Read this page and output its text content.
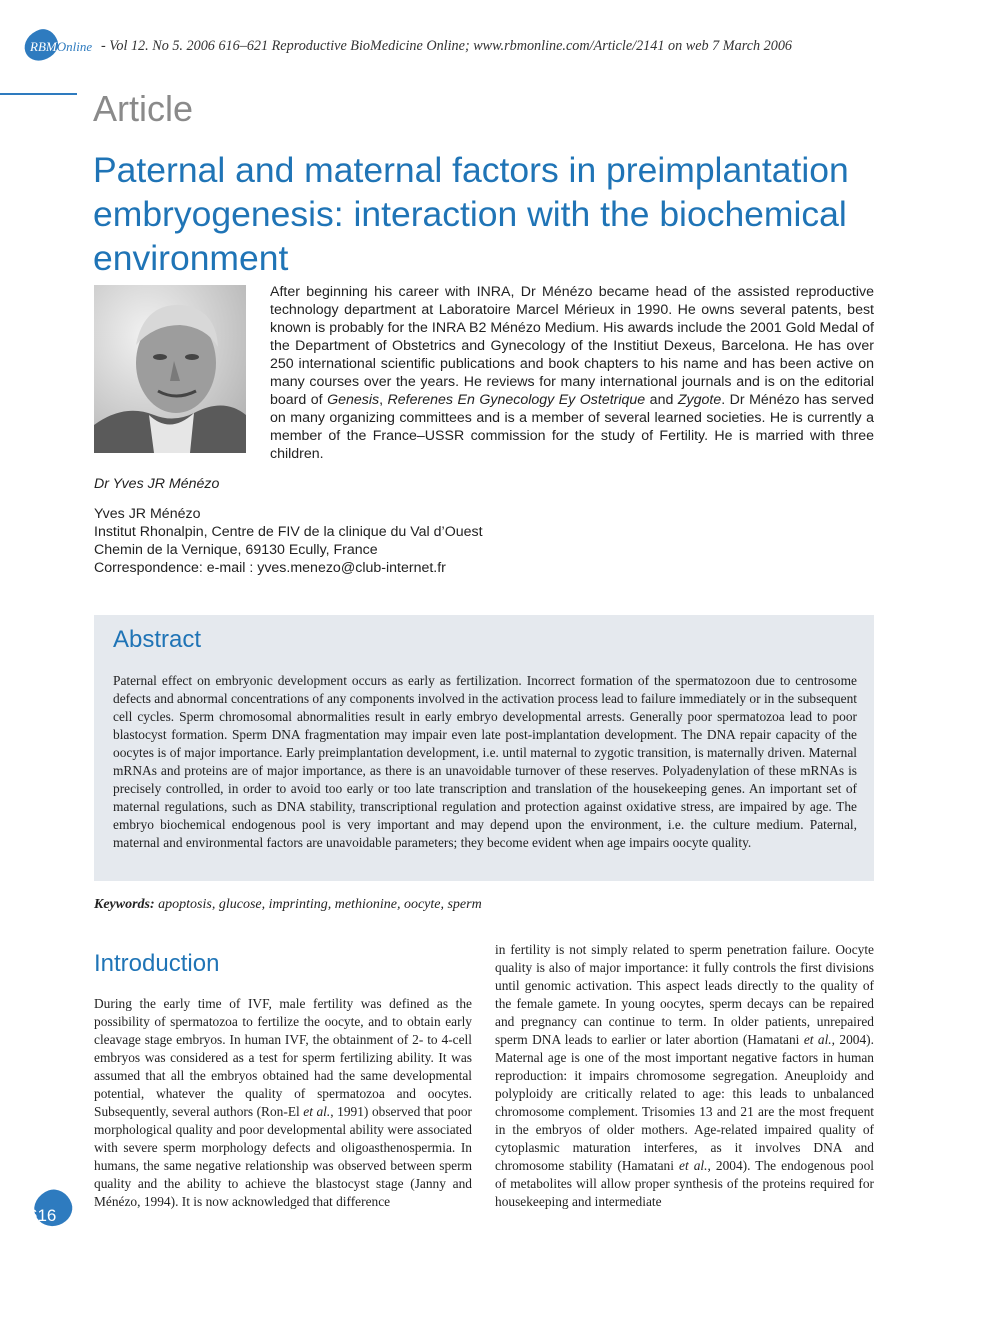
RBMOnline - Vol 12. No 5. 2006 616–621 Reproductive BioMedicine Online; www.rbmonline.com/Article/2141 on web 7 March 2006
Article
Paternal and maternal factors in preimplantation embryogenesis: interaction with the biochemical environment

After beginning his career with INRA, Dr Ménézo became head of the assisted reproductive technology department at Laboratoire Marcel Mérieux in 1990. He owns several patents, best known is probably for the INRA B2 Ménézo Medium. His awards include the 2001 Gold Medal of the Department of Obstetrics and Gynecology of the Institiut Dexeus, Barcelona. He has over 250 international scientific publications and book chapters to his name and has been active on many courses over the years. He reviews for many international journals and is on the editorial board of Genesis, Referenes En Gynecology Ey Ostetrique and Zygote. Dr Ménézo has served on many organizing committees and is a member of several learned societies. He is currently a member of the France–USSR commission for the study of Fertility. He is married with three children.

Dr Yves JR Ménézo
Yves JR Ménézo
Institut Rhonalpin, Centre de FIV de la clinique du Val d’Ouest
Chemin de la Vernique, 69130 Ecully, France
Correspondence: e-mail : yves.menezo@club-internet.fr
Abstract

Paternal effect on embryonic development occurs as early as fertilization. Incorrect formation of the spermatozoon due to centrosome defects and abnormal concentrations of any components involved in the activation process lead to failure immediately or in the subsequent cell cycles. Sperm chromosomal abnormalities result in early embryo developmental arrests. Generally poor spermatozoa lead to poor blastocyst formation. Sperm DNA fragmentation may impair even late post-implantation development. The DNA repair capacity of the oocytes is of major importance. Early preimplantation development, i.e. until maternal to zygotic transition, is maternally driven. Maternal mRNAs and proteins are of major importance, as there is an unavoidable turnover of these reserves. Polyadenylation of these mRNAs is precisely controlled, in order to avoid too early or too late transcription and translation of the housekeeping genes. An important set of maternal regulations, such as DNA stability, transcriptional regulation and protection against oxidative stress, are impaired by age. The embryo biochemical endogenous pool is very important and may depend upon the environment, i.e. the culture medium. Paternal, maternal and environmental factors are unavoidable parameters; they become evident when age impairs oocyte quality.

Keywords: apoptosis, glucose, imprinting, methionine, oocyte, sperm
Introduction

During the early time of IVF, male fertility was defined as the possibility of spermatozoa to fertilize the oocyte, and to obtain early cleavage stage embryos. In human IVF, the obtainment of 2- to 4-cell embryos was considered as a test for sperm fertilizing ability. It was assumed that all the embryos obtained had the same developmental potential, whatever the quality of spermatozoa and oocytes. Subsequently, several authors (Ron-El et al., 1991) observed that poor morphological quality and poor developmental ability were associated with severe sperm morphology defects and oligoasthenospermia. In humans, the same negative relationship was observed between sperm quality and the ability to achieve the blastocyst stage (Janny and Ménézo, 1994). It is now acknowledged that difference

in fertility is not simply related to sperm penetration failure. Oocyte quality is also of major importance: it fully controls the first divisions until genomic activation. This aspect leads directly to the quality of the female gamete. In young oocytes, sperm decays can be repaired and pregnancy can continue to term. In older patients, unrepaired sperm DNA leads to earlier or later abortion (Hamatani et al., 2004). Maternal age is one of the most important negative factors in human reproduction: it impairs chromosome segregation. Aneuploidy and polyploidy are critically related to age: this leads to unbalanced chromosome complement. Trisomies 13 and 21 are the most frequent in the embryos of older mothers. Age-related impaired quality of cytoplasmic maturation interferes, as it involves DNA and chromosome stability (Hamatani et al., 2004). The endogenous pool of metabolites will allow proper synthesis of the proteins required for housekeeping and intermediate

616
